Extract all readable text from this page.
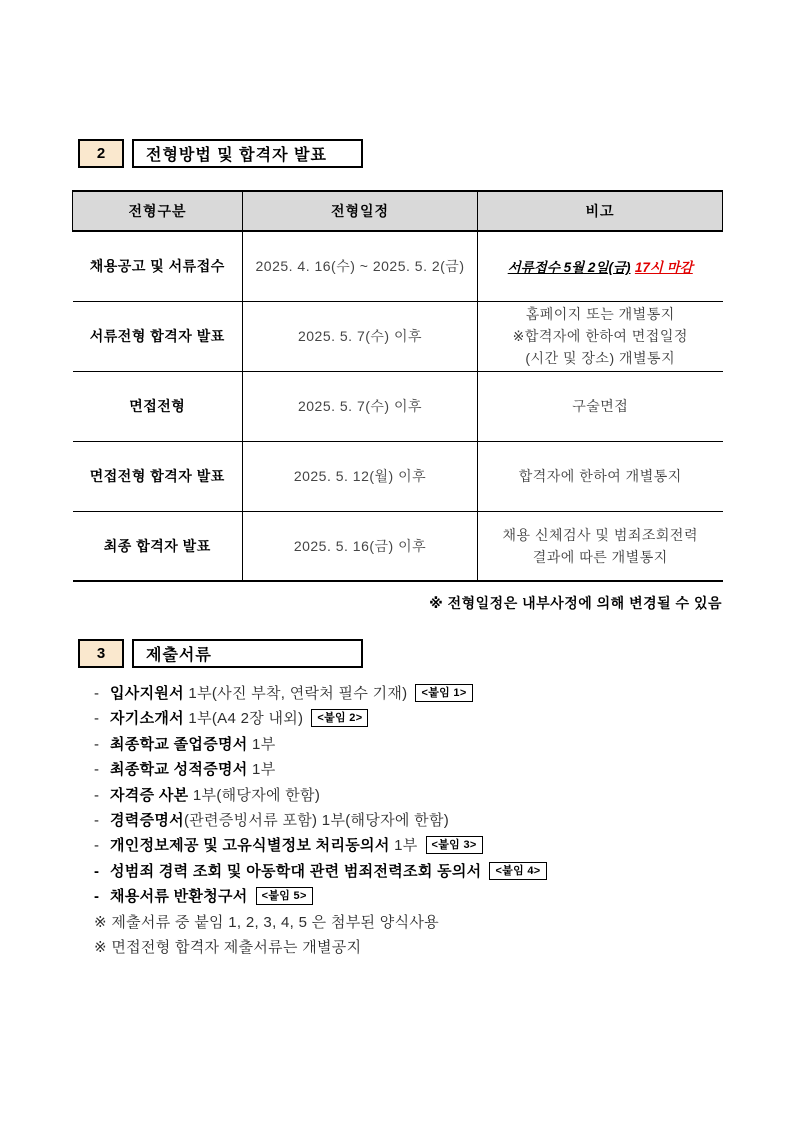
2	전형방법 및 합격자 발표
전형구분	전형일정	비고
채용공고 및 서류접수	2025. 4. 16(수) ~ 2025. 5. 2(금)	서류접수 5월 2일(금) 17시 마감
서류전형 합격자 발표	2025. 5. 7(수) 이후	홈페이지 또는 개별통지
※합격자에 한하여 면접일정
(시간 및 장소) 개별통지

면접전형	2025. 5. 7(수) 이후	구술면접

면접전형 합격자 발표	2025. 5. 12(월) 이후	합격자에 한하여 개별통지

최종 합격자 발표	2025. 5. 16(금) 이후	채용 신체검사 및 범죄조회전력
결과에 따른 개별통지
※ 전형일정은 내부사정에 의해 변경될 수 있음
3	제출서류
- 입사지원서 1부(사진 부착, 연락처 필수 기재) <붙임 1>
- 자기소개서 1부(A4 2장 내외) <붙임 2>
- 최종학교 졸업증명서 1부
- 최종학교 성적증명서 1부
- 자격증 사본 1부(해당자에 한함)
- 경력증명서(관련증빙서류 포함) 1부(해당자에 한함)
- 개인정보제공 및 고유식별정보 처리동의서 1부 <붙임 3>
- 성범죄 경력 조회 및 아동학대 관련 범죄전력조회 동의서 <붙임 4>
- 채용서류 반환청구서 <붙임 5>
※ 제출서류 중 붙임 1, 2, 3, 4, 5 은 첨부된 양식사용
※ 면접전형 합격자 제출서류는 개별공지
